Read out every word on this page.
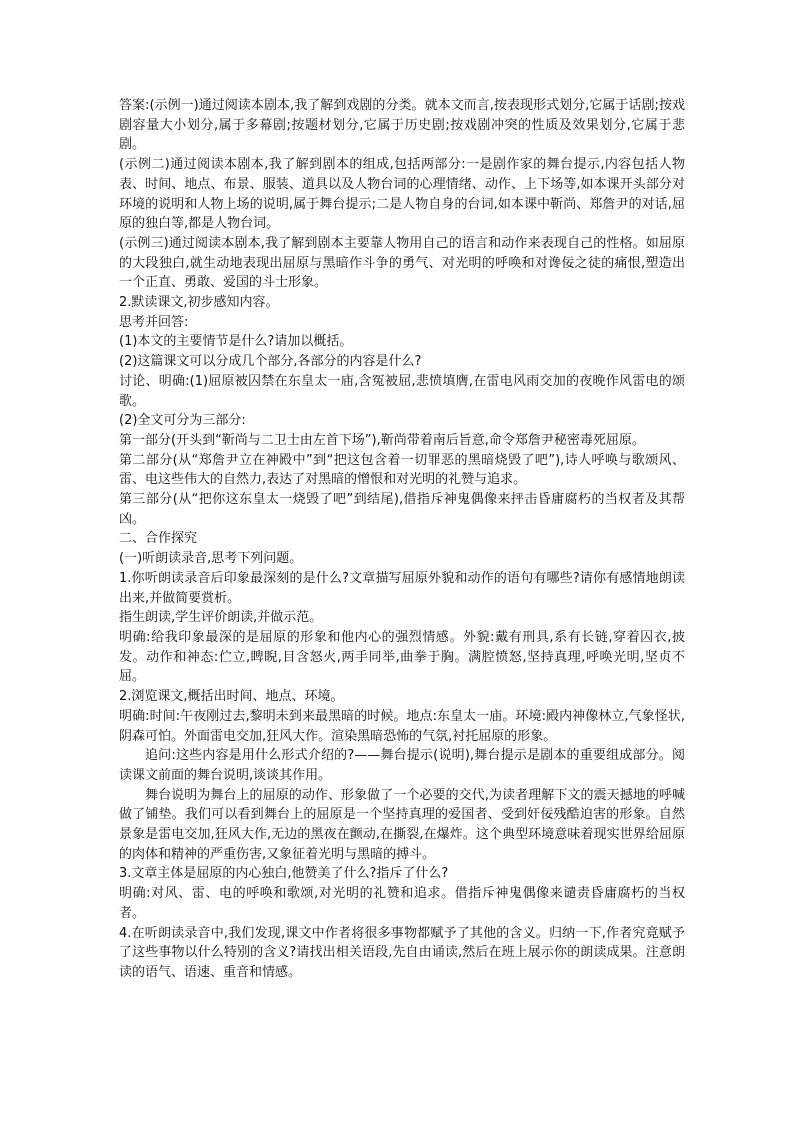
答案:(示例一)通过阅读本剧本,我了解到戏剧的分类。就本文而言,按表现形式划分,它属于话剧;按戏剧容量大小划分,属于多幕剧;按题材划分,它属于历史剧;按戏剧冲突的性质及效果划分,它属于悲剧。

(示例二)通过阅读本剧本,我了解到剧本的组成,包括两部分:一是剧作家的舞台提示,内容包括人物表、时间、地点、布景、服装、道具以及人物台词的心理情绪、动作、上下场等,如本课开头部分对环境的说明和人物上场的说明,属于舞台提示;二是人物自身的台词,如本课中靳尚、郑詹尹的对话,屈原的独白等,都是人物台词。

(示例三)通过阅读本剧本,我了解到剧本主要靠人物用自己的语言和动作来表现自己的性格。如屈原的大段独白,就生动地表现出屈原与黑暗作斗争的勇气、对光明的呼唤和对谗佞之徒的痛恨,塑造出一个正直、勇敢、爱国的斗士形象。

2.默读课文,初步感知内容。

思考并回答:

(1)本文的主要情节是什么?请加以概括。

(2)这篇课文可以分成几个部分,各部分的内容是什么?

讨论、明确:(1)屈原被囚禁在东皇太一庙,含冤被屈,悲愤填膺,在雷电风雨交加的夜晚作风雷电的颂歌。

(2)全文可分为三部分:

第一部分(开头到“靳尚与二卫士由左首下场”),靳尚带着南后旨意,命令郑詹尹秘密毒死屈原。

第二部分(从“郑詹尹立在神殿中”到“把这包含着一切罪恶的黑暗烧毁了吧”),诗人呼唤与歌颂风、雷、电这些伟大的自然力,表达了对黑暗的憎恨和对光明的礼赞与追求。

第三部分(从“把你这东皇太一烧毁了吧”到结尾),借指斥神鬼偶像来抨击昏庸腐朽的当权者及其帮凶。

二、合作探究

(一)听朗读录音,思考下列问题。

1.你听朗读录音后印象最深刻的是什么?文章描写屈原外貌和动作的语句有哪些?请你有感情地朗读出来,并做简要赏析。

指生朗读,学生评价朗读,并做示范。

明确:给我印象最深的是屈原的形象和他内心的强烈情感。外貌:戴有刑具,系有长链,穿着囚衣,披发。动作和神态:伫立,睥睨,目含怒火,两手同举,曲拳于胸。满腔愤怒,坚持真理,呼唤光明,坚贞不屈。

2.浏览课文,概括出时间、地点、环境。

明确:时间:午夜刚过去,黎明未到来最黑暗的时候。地点:东皇太一庙。环境:殿内神像林立,气象怪状,阴森可怕。外面雷电交加,狂风大作。渲染黑暗恐怖的气氛,衬托屈原的形象。

追问:这些内容是用什么形式介绍的?——舞台提示(说明),舞台提示是剧本的重要组成部分。阅读课文前面的舞台说明,谈谈其作用。

舞台说明为舞台上的屈原的动作、形象做了一个必要的交代,为读者理解下文的震天撼地的呼喊做了铺垫。我们可以看到舞台上的屈原是一个坚持真理的爱国者、受到奸佞残酷迫害的形象。自然景象是雷电交加,狂风大作,无边的黑夜在颤动,在撕裂,在爆炸。这个典型环境意味着现实世界给屈原的肉体和精神的严重伤害,又象征着光明与黑暗的搏斗。

3.文章主体是屈原的内心独白,他赞美了什么?指斥了什么?

明确:对风、雷、电的呼唤和歌颂,对光明的礼赞和追求。借指斥神鬼偶像来谴责昏庸腐朽的当权者。

4.在听朗读录音中,我们发现,课文中作者将很多事物都赋予了其他的含义。归纳一下,作者究竟赋予了这些事物以什么特别的含义?请找出相关语段,先自由诵读,然后在班上展示你的朗读成果。注意朗读的语气、语速、重音和情感。
